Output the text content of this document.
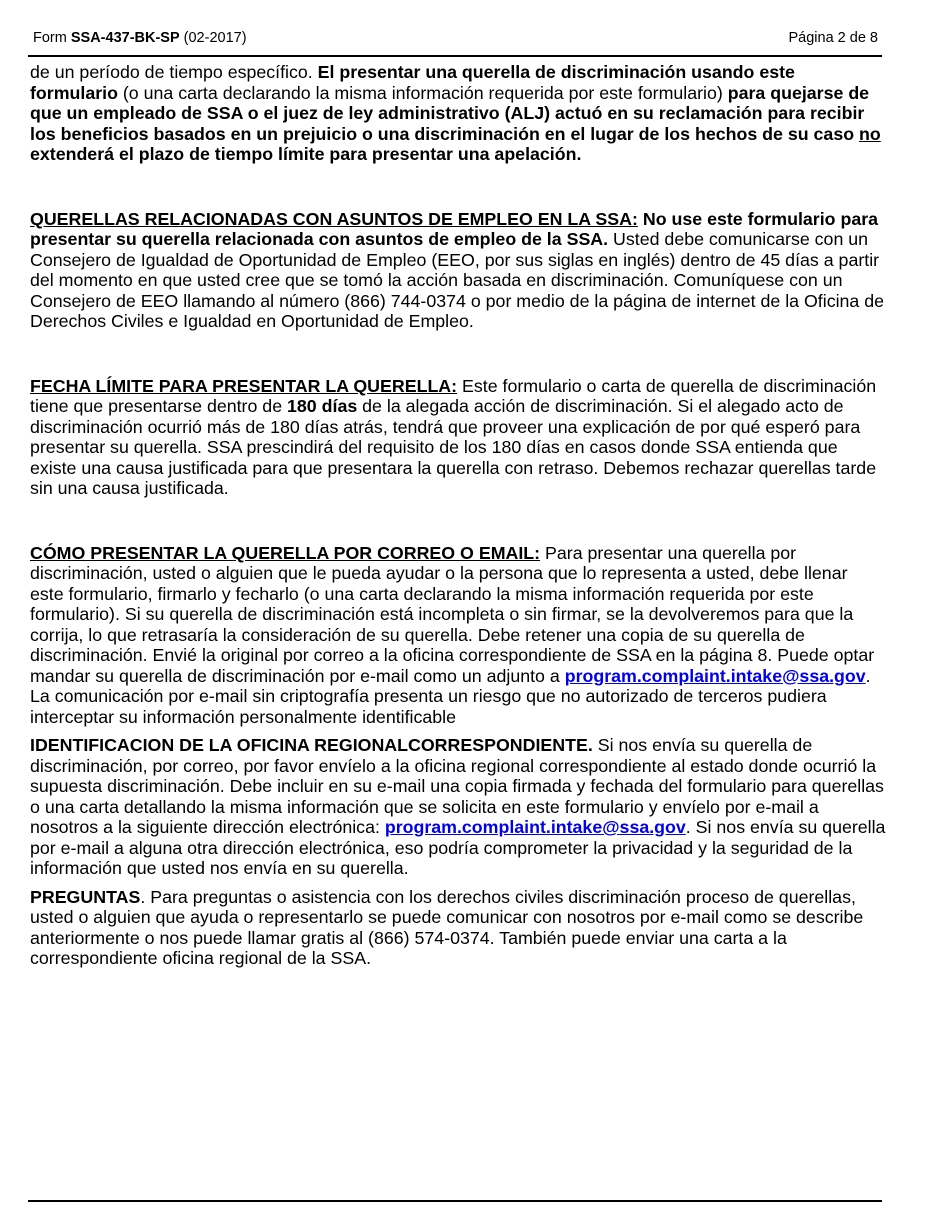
Form SSA-437-BK-SP (02-2017)	Página 2 de 8

de un período de tiempo específico. El presentar una querella de discriminación usando este formulario (o una carta declarando la misma información requerida por este formulario) para quejarse de que un empleado de SSA o el juez de ley administrativo (ALJ) actuó en su reclamación para recibir los beneficios basados en un prejuicio o una discriminación en el lugar de los hechos de su caso no extenderá el plazo de tiempo límite para presentar una apelación.

QUERELLAS RELACIONADAS CON ASUNTOS DE EMPLEO EN LA SSA: No use este formulario para presentar su querella relacionada con asuntos de empleo de la SSA. Usted debe comunicarse con un Consejero de Igualdad de Oportunidad de Empleo (EEO, por sus siglas en inglés) dentro de 45 días a partir del momento en que usted cree que se tomó la acción basada en discriminación. Comuníquese con un Consejero de EEO llamando al número (866) 744-0374 o por medio de la página de internet de la Oficina de Derechos Civiles e Igualdad en Oportunidad de Empleo.

FECHA LÍMITE PARA PRESENTAR LA QUERELLA: Este formulario o carta de querella de discriminación tiene que presentarse dentro de 180 días de la alegada acción de discriminación. Si el alegado acto de discriminación ocurrió más de 180 días atrás, tendrá que proveer una explicación de por qué esperó para presentar su querella. SSA prescindirá del requisito de los 180 días en casos donde SSA entienda que existe una causa justificada para que presentara la querella con retraso. Debemos rechazar querellas tarde sin una causa justificada.

CÓMO PRESENTAR LA QUERELLA POR CORREO O EMAIL: Para presentar una querella por discriminación, usted o alguien que le pueda ayudar o la persona que lo representa a usted, debe llenar este formulario, firmarlo y fecharlo (o una carta declarando la misma información requerida por este formulario). Si su querella de discriminación está incompleta o sin firmar, se la devolveremos para que la corrija, lo que retrasaría la consideración de su querella. Debe retener una copia de su querella de discriminación. Envié la original por correo a la oficina correspondiente de SSA en la página 8. Puede optar mandar su querella de discriminación por e-mail como un adjunto a program.complaint.intake@ssa.gov. La comunicación por e-mail sin criptografía presenta un riesgo que no autorizado de terceros pudiera interceptar su información personalmente identificable

IDENTIFICACION DE LA OFICINA REGIONALCORRESPONDIENTE. Si nos envía su querella de discriminación, por correo, por favor envíelo a la oficina regional correspondiente al estado donde ocurrió la supuesta discriminación. Debe incluir en su e-mail una copia firmada y fechada del formulario para querellas o una carta detallando la misma información que se solicita en este formulario y envíelo por e-mail a nosotros a la siguiente dirección electrónica: program.complaint.intake@ssa.gov. Si nos envía su querella por e-mail a alguna otra dirección electrónica, eso podría comprometer la privacidad y la seguridad de la información que usted nos envía en su querella.

PREGUNTAS. Para preguntas o asistencia con los derechos civiles discriminación proceso de querellas, usted o alguien que ayuda o representarlo se puede comunicar con nosotros por e-mail como se describe anteriormente o nos puede llamar gratis al (866) 574-0374. También puede enviar una carta a la correspondiente oficina regional de la SSA.
